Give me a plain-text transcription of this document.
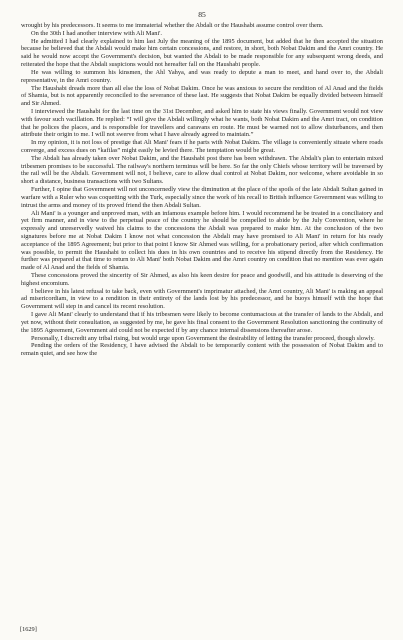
85

wrought by his predecessors. It seems to me immaterial whether the Abdali or the Haushabi assume control over them.

On the 30th I had another interview with Ali Mani'.

He admitted I had clearly explained to him last July the meaning of the 1895 document, but added that he then accepted the situation because he believed that the Abdali would make him certain concessions, and restore, in short, both Nobat Dakim and the Amri country. He said he would now accept the Government's decision, but wanted the Abdali to be made responsible for any subsequent wrong deeds, and reiterated the hope that the Abdali suspicions would not hereafter fall on the Haushabi people.

He was willing to summon his kinsmen, the Ahl Yahya, and was ready to depute a man to meet, and hand over to, the Abdali representative, in the Amri country.

The Haushabi dreads more than all else the loss of Nobat Dakim. Once he was anxious to secure the rendition of Al Anad and the fields of Shamia, but is not apparently reconciled to the severance of these last. He suggests that Nobat Dakim be equally divided between himself and Sir Ahmed.

I interviewed the Haushabi for the last time on the 31st December, and asked him to state his views finally. Government would not view with favour such vacillation. He replied: “I will give the Abdali willingly what he wants, both Nobat Dakim and the Amri tract, on condition that he polices the places, and is responsible for travellers and caravans en route. He must be warned not to allow disturbances, and then attribute their origin to me. I will not swerve from what I have already agreed to maintain.”

In my opinion, it is not loss of prestige that Ali Mani' fears if he parts with Nobat Dakim. The village is conveniently situate where roads converge, and excess dues on “kafilas” might easily be levied there. The temptation would be great.

The Abdali has already taken over Nobat Dakim, and the Haushabi post there has been withdrawn. The Abdali's plan to entertain mixed tribesmen promises to be successful. The railway's northern terminus will be here. So far the only Chiefs whose territory will be traversed by the rail will be the Abdali. Government will not, I believe, care to allow dual control at Nobat Dakim, nor welcome, where avoidable in so short a distance, business transactions with two Sultans.

Further, I opine that Government will not unconcernedly view the diminution at the place of the spoils of the late Abdali Sultan gained in warfare with a Ruler who was coquetting with the Turk, especially since the work of his recall to British influence Government was willing to intrust the arms and money of its proved friend the then Abdali Sultan.

Ali Mani' is a younger and unproved man, with an infamous example before him. I would recommend he be treated in a conciliatory and yet firm manner, and in view to the perpetual peace of the country he should be compelled to abide by the July Convention, where he expressly and unreservedly waived his claims to the concessions the Abdali was prepared to make him. At the conclusion of the two signatures before me at Nobat Dakim I know not what concession the Abdali may have promised to Ali Mani' in return for his ready acceptance of the 1895 Agreement; but prior to that point I know Sir Ahmed was willing, for a probationary period, after which confirmation was possible, to permit the Haushabi to collect his dues in his own countries and to receive his stipend directly from the Residency. He further was prepared at that time to return to Ali Mani' both Nobat Dakim and the Amri country on condition that no mention was ever again made of Al Anad and the fields of Shamia.

These concessions proved the sincerity of Sir Ahmed, as also his keen desire for peace and goodwill, and his attitude is deserving of the highest encomium.

I believe in his latest refusal to take back, even with Government's imprimatur attached, the Amri country, Ali Mani' is making an appeal ad misericordiam, in view to a rendition in their entirety of the lands lost by his predecessor, and he buoys himself with the hope that Government will step in and cancel its recent resolution.

I gave Ali Mani' clearly to understand that if his tribesmen were likely to become contumacious at the transfer of lands to the Abdali, and yet now, without their consultation, as suggested by me, he gave his final consent to the Government Resolution sanctioning the continuity of the 1895 Agreement, Government aid could not be expected if by any chance internal dissensions thereafter arose.

Personally, I discredit any tribal rising, but would urge upon Government the desirability of letting the transfer proceed, though slowly.

Pending the orders of the Residency, I have advised the Abdali to be temporarily content with the possession of Nobat Dakim and to remain quiet, and see how the

[1629]
